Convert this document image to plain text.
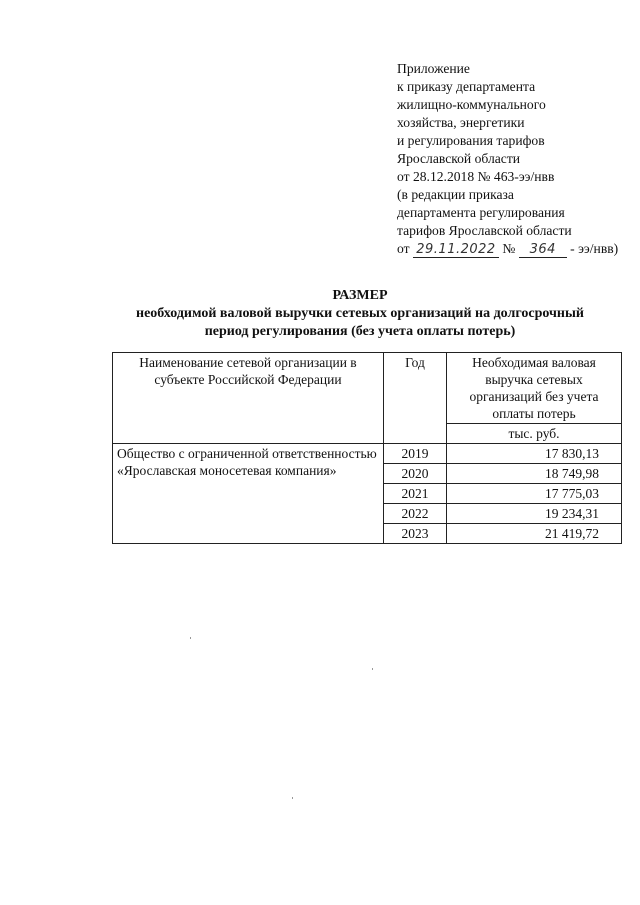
Приложение
к приказу департамента
жилищно-коммунального
хозяйства, энергетики
и регулирования тарифов
Ярославской области
от 28.12.2018 № 463-ээ/нвв
(в редакции приказа
департамента регулирования
тарифов Ярославской области
от 29.11.2022 № 364 - ээ/нвв)
РАЗМЕР
необходимой валовой выручки сетевых организаций на долгосрочный
период регулирования (без учета оплаты потерь)
Наименование сетевой организации в субъекте Российской Федерации	Год	Необходимая валовая выручка сетевых организаций без учета оплаты потерь
		тыс. руб.
Общество с ограниченной ответственностью «Ярославская моносетевая компания»	2019	17 830,13
	2020	18 749,98
	2021	17 775,03
	2022	19 234,31
	2023	21 419,72
